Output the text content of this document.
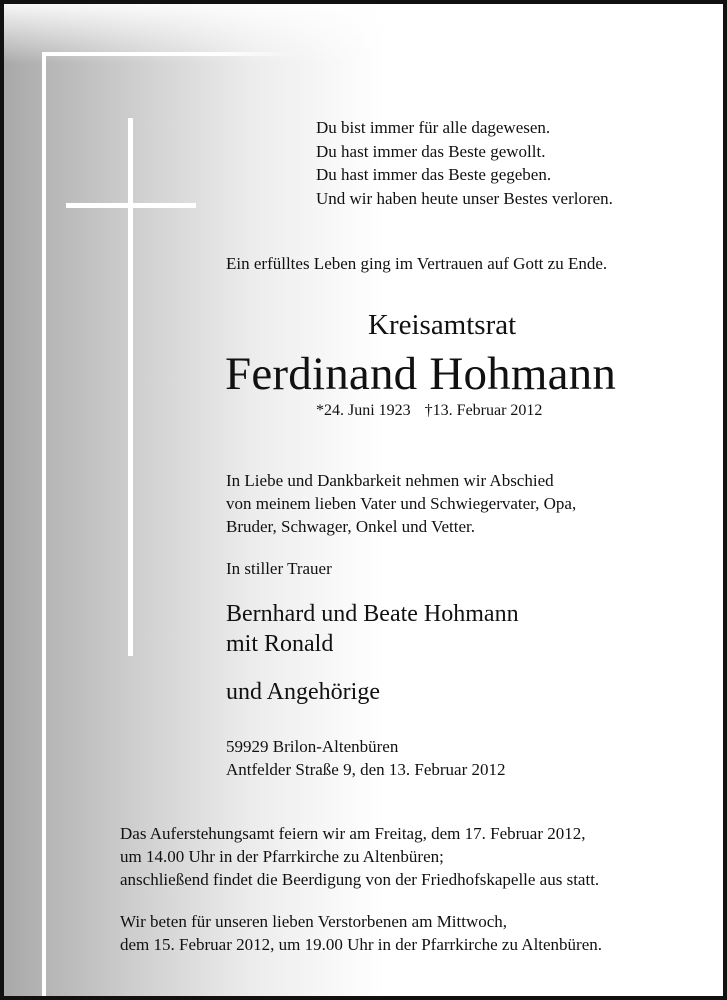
Du bist immer für alle dagewesen.
Du hast immer das Beste gewollt.
Du hast immer das Beste gegeben.
Und wir haben heute unser Bestes verloren.
Ein erfülltes Leben ging im Vertrauen auf Gott zu Ende.
Kreisamtsrat
Ferdinand Hohmann
*24. Juni 1923 †13. Februar 2012
In Liebe und Dankbarkeit nehmen wir Abschied
von meinem lieben Vater und Schwiegervater, Opa,
Bruder, Schwager, Onkel und Vetter.
In stiller Trauer
Bernhard und Beate Hohmann
mit Ronald
und Angehörige
59929 Brilon-Altenbüren
Antfelder Straße 9, den 13. Februar 2012
Das Auferstehungsamt feiern wir am Freitag, dem 17. Februar 2012,
um 14.00 Uhr in der Pfarrkirche zu Altenbüren;
anschließend findet die Beerdigung von der Friedhofskapelle aus statt.
Wir beten für unseren lieben Verstorbenen am Mittwoch,
dem 15. Februar 2012, um 19.00 Uhr in der Pfarrkirche zu Altenbüren.
